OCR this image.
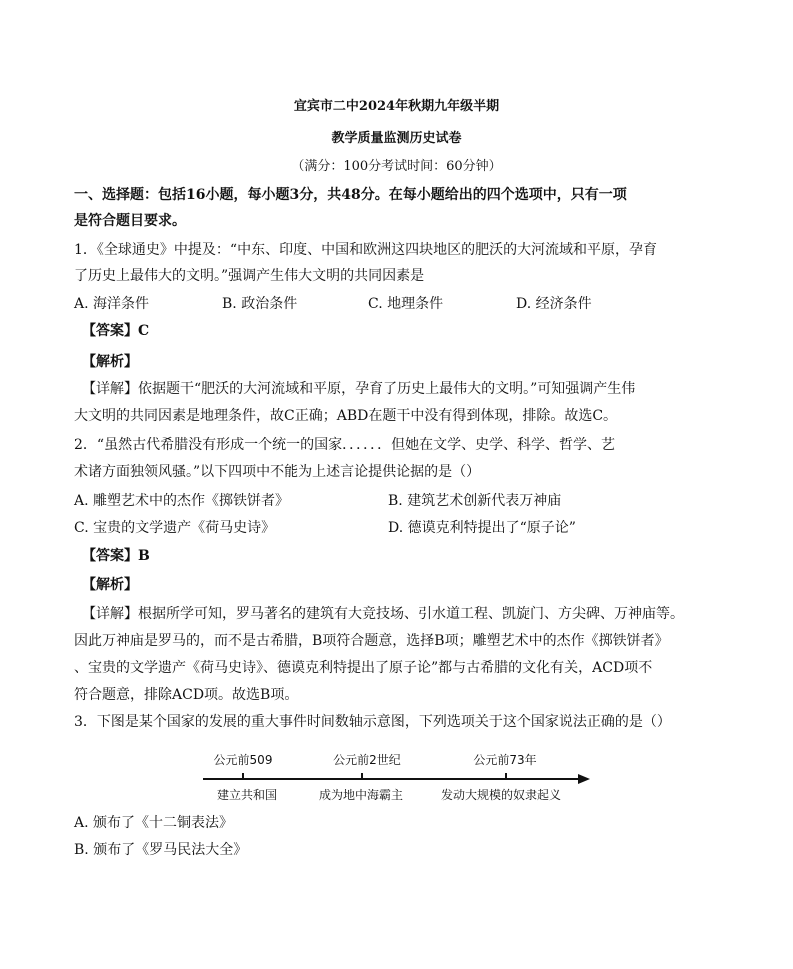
宜宾市二中2024年秋期九年级半期
教学质量监测历史试卷
（满分：100分考试时间：60分钟）
一、选择题：包括16小题，每小题3分，共48分。在每小题给出的四个选项中，只有一项
是符合题目要求。
1．《全球通史》中提及：“中东、印度、中国和欧洲这四块地区的肥沃的大河流域和平原，孕育
了历史上最伟大的文明。”强调产生伟大文明的共同因素是
A. 海洋条件	B. 政治条件	C. 地理条件	D. 经济条件
【答案】C
【解析】
【详解】依据题干“肥沃的大河流域和平原，孕育了历史上最伟大的文明。”可知强调产生伟
大文明的共同因素是地理条件，故C正确；ABD在题干中没有得到体现，排除。故选C。
2．“虽然古代希腊没有形成一个统一的国家．．．．．．但她在文学、史学、科学、哲学、艺
术诸方面独领风骚。”以下四项中不能为上述言论提供论据的是（）
A. 雕塑艺术中的杰作《掷铁饼者》	B. 建筑艺术创新代表万神庙
C. 宝贵的文学遗产《荷马史诗》	D. 德谟克利特提出了“原子论”
【答案】B
【解析】
【详解】根据所学可知，罗马著名的建筑有大竞技场、引水道工程、凯旋门、方尖碑、万神庙等。
因此万神庙是罗马的，而不是古希腊，B项符合题意，选择B项；雕塑艺术中的杰作《掷铁饼者》
、宝贵的文学遗产《荷马史诗》、德谟克利特提出了原子论”都与古希腊的文化有关，ACD项不
符合题意，排除ACD项。故选B项。
3．下图是某个国家的发展的重大事件时间数轴示意图，下列选项关于这个国家说法正确的是（）
公元前509	公元前2世纪	公元前73年
建立共和国	成为地中海霸主	发动大规模的奴隶起义
A. 颁布了《十二铜表法》
B. 颁布了《罗马民法大全》
